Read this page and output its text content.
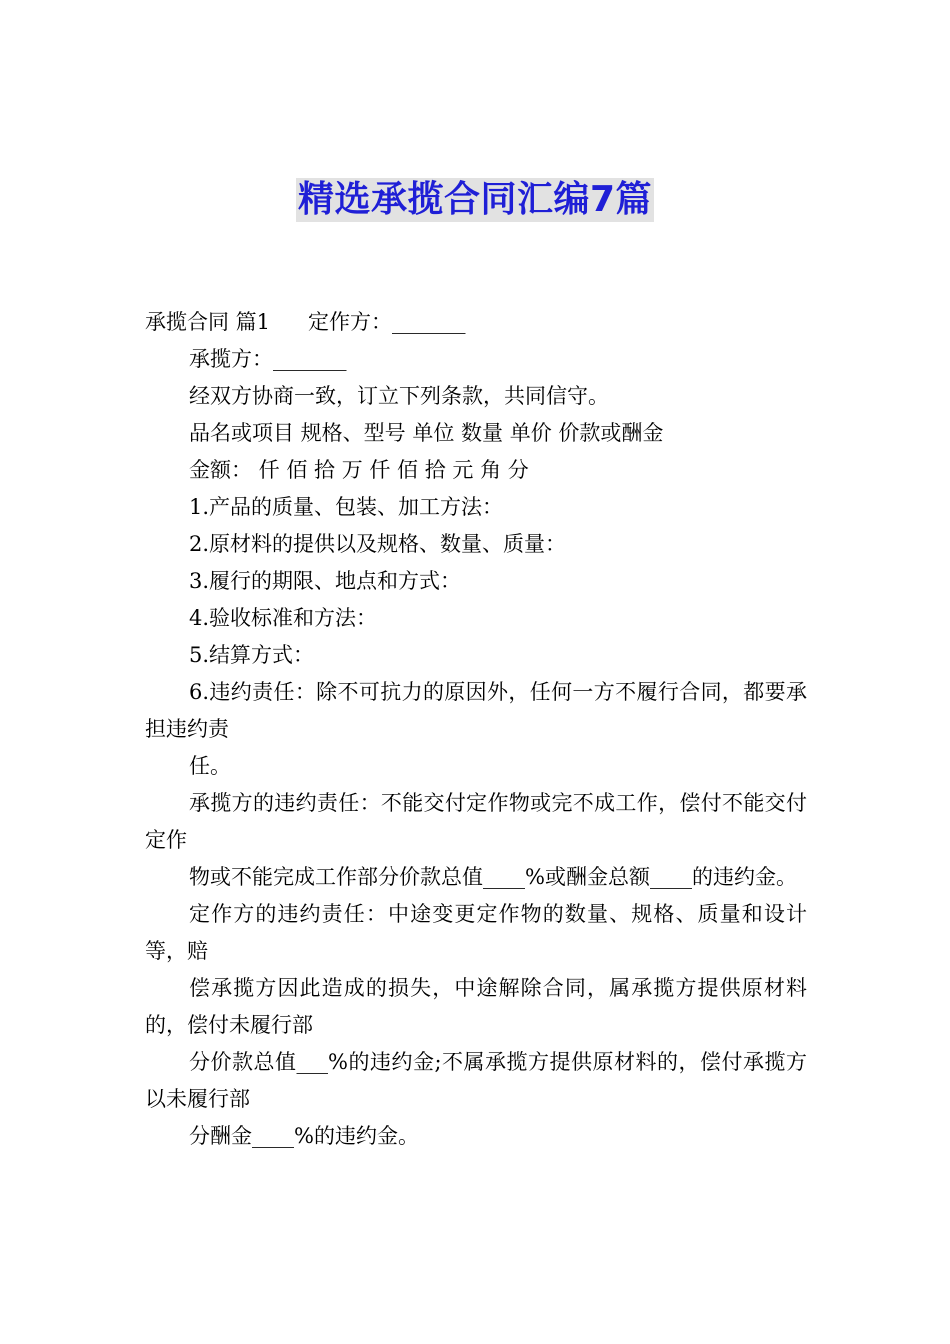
精选承揽合同汇编7篇

承揽合同 篇1 定作方：_______

承揽方：_______

经双方协商一致，订立下列条款，共同信守。

品名或项目 规格、型号 单位 数量 单价 价款或酬金

金额： 仟 佰 拾 万 仟 佰 拾 元 角 分

1.产品的质量、包装、加工方法：

2.原材料的提供以及规格、数量、质量：

3.履行的期限、地点和方式：

4.验收标准和方法：

5.结算方式：

6.违约责任：除不可抗力的原因外，任何一方不履行合同，都要承担违约责

任。

承揽方的违约责任：不能交付定作物或完不成工作，偿付不能交付定作

物或不能完成工作部分价款总值____%或酬金总额____的违约金。

定作方的违约责任：中途变更定作物的数量、规格、质量和设计等，赔

偿承揽方因此造成的损失，中途解除合同，属承揽方提供原材料的，偿付未履行部

分价款总值___%的违约金;不属承揽方提供原材料的，偿付承揽方以未履行部

分酬金____%的违约金。
